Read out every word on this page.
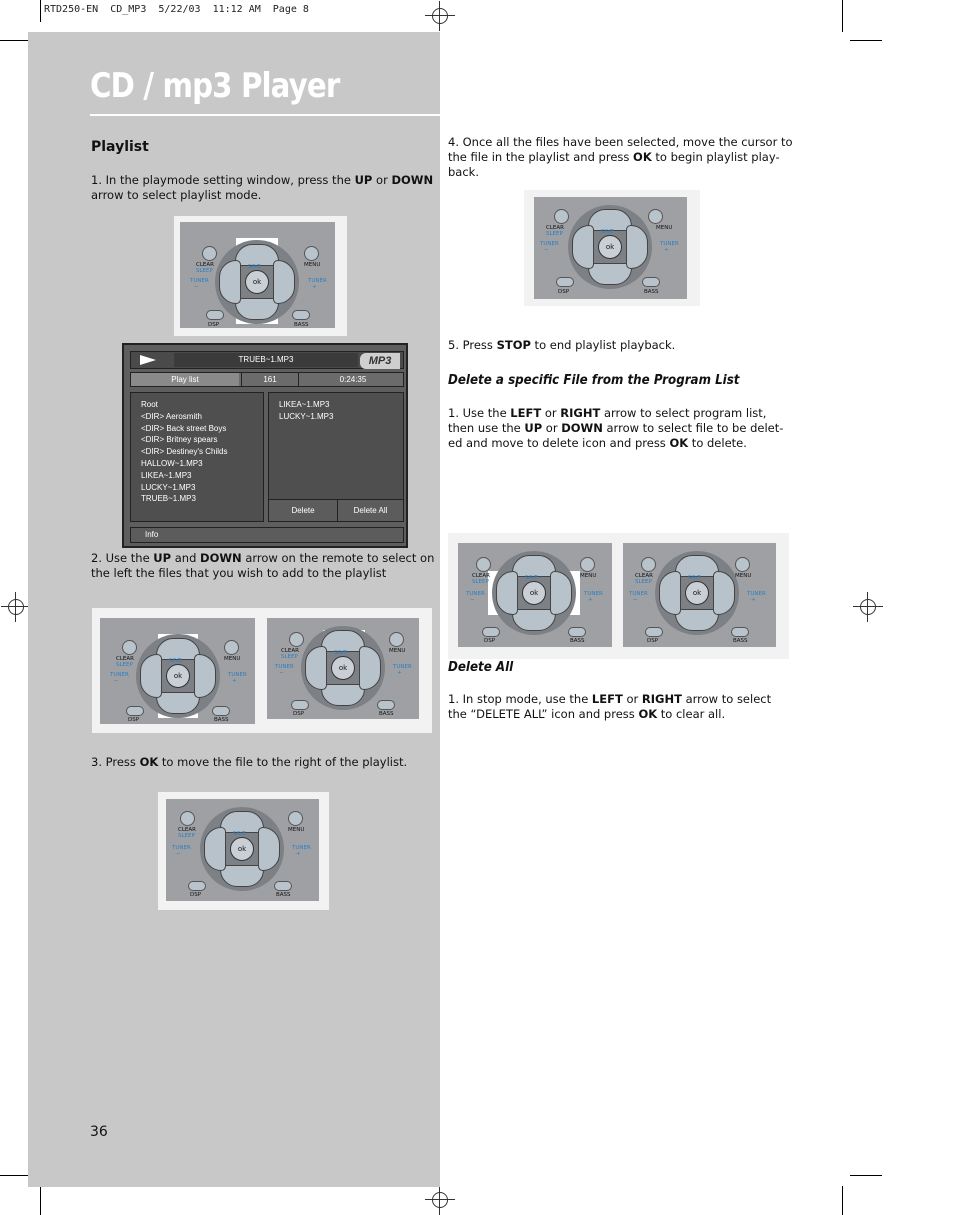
RTD250-EN  CD_MP3  5/22/03  11:12 AM  Page 8
CD / mp3 Player
Playlist
1. In the playmode setting window, press the UP or DOWN arrow to select playlist mode.
CLEAR
SLEEP
MENU
TUNER
−
TUNER
+
SAVE
ok
DSP	BASS
TRUEB~1.MP3	MP3
Play list	161	0:24:35
Root
<DIR> Aerosmith
<DIR> Back street Boys
<DIR> Britney spears
<DIR> Destiney's Childs
HALLOW~1.MP3
LIKEA~1.MP3
LUCKY~1.MP3
TRUEB~1.MP3
LIKEA~1.MP3
LUCKY~1.MP3
Delete	Delete All
Info
2. Use the UP and DOWN arrow on the remote to select on the left the files that you wish to add to the playlist
CLEAR
SLEEP
MENU
TUNER
−
TUNER
+
SAVE
ok
DSP	BASS
CLEAR
SLEEP
MENU
TUNER
−
TUNER
+
SAVE
ok
DSP	BASS
3. Press OK to move the file to the right of the playlist.
CLEAR
SLEEP
MENU
TUNER
−
TUNER
+
SAVE
ok
DSP	BASS
36
4. Once all the files have been selected, move the cursor to the file in the playlist and press OK to begin playlist play-back.
CLEAR
SLEEP
MENU
TUNER
−
TUNER
+
SAVE
ok
DSP	BASS
5. Press STOP to end playlist playback.
Delete a specific File from the Program List
1. Use the LEFT or RIGHT arrow to select program list, then use the UP or DOWN arrow to select file to be delet-ed and move to delete icon and press OK to delete.
CLEAR
SLEEP
MENU
TUNER
−
TUNER
+
SAVE
ok
DSP	BASS
CLEAR
SLEEP
MENU
TUNER
−
TUNER
+
SAVE
ok
DSP	BASS
Delete All
1. In stop mode, use the LEFT or RIGHT arrow to select the “DELETE ALL” icon and press OK to clear all.
